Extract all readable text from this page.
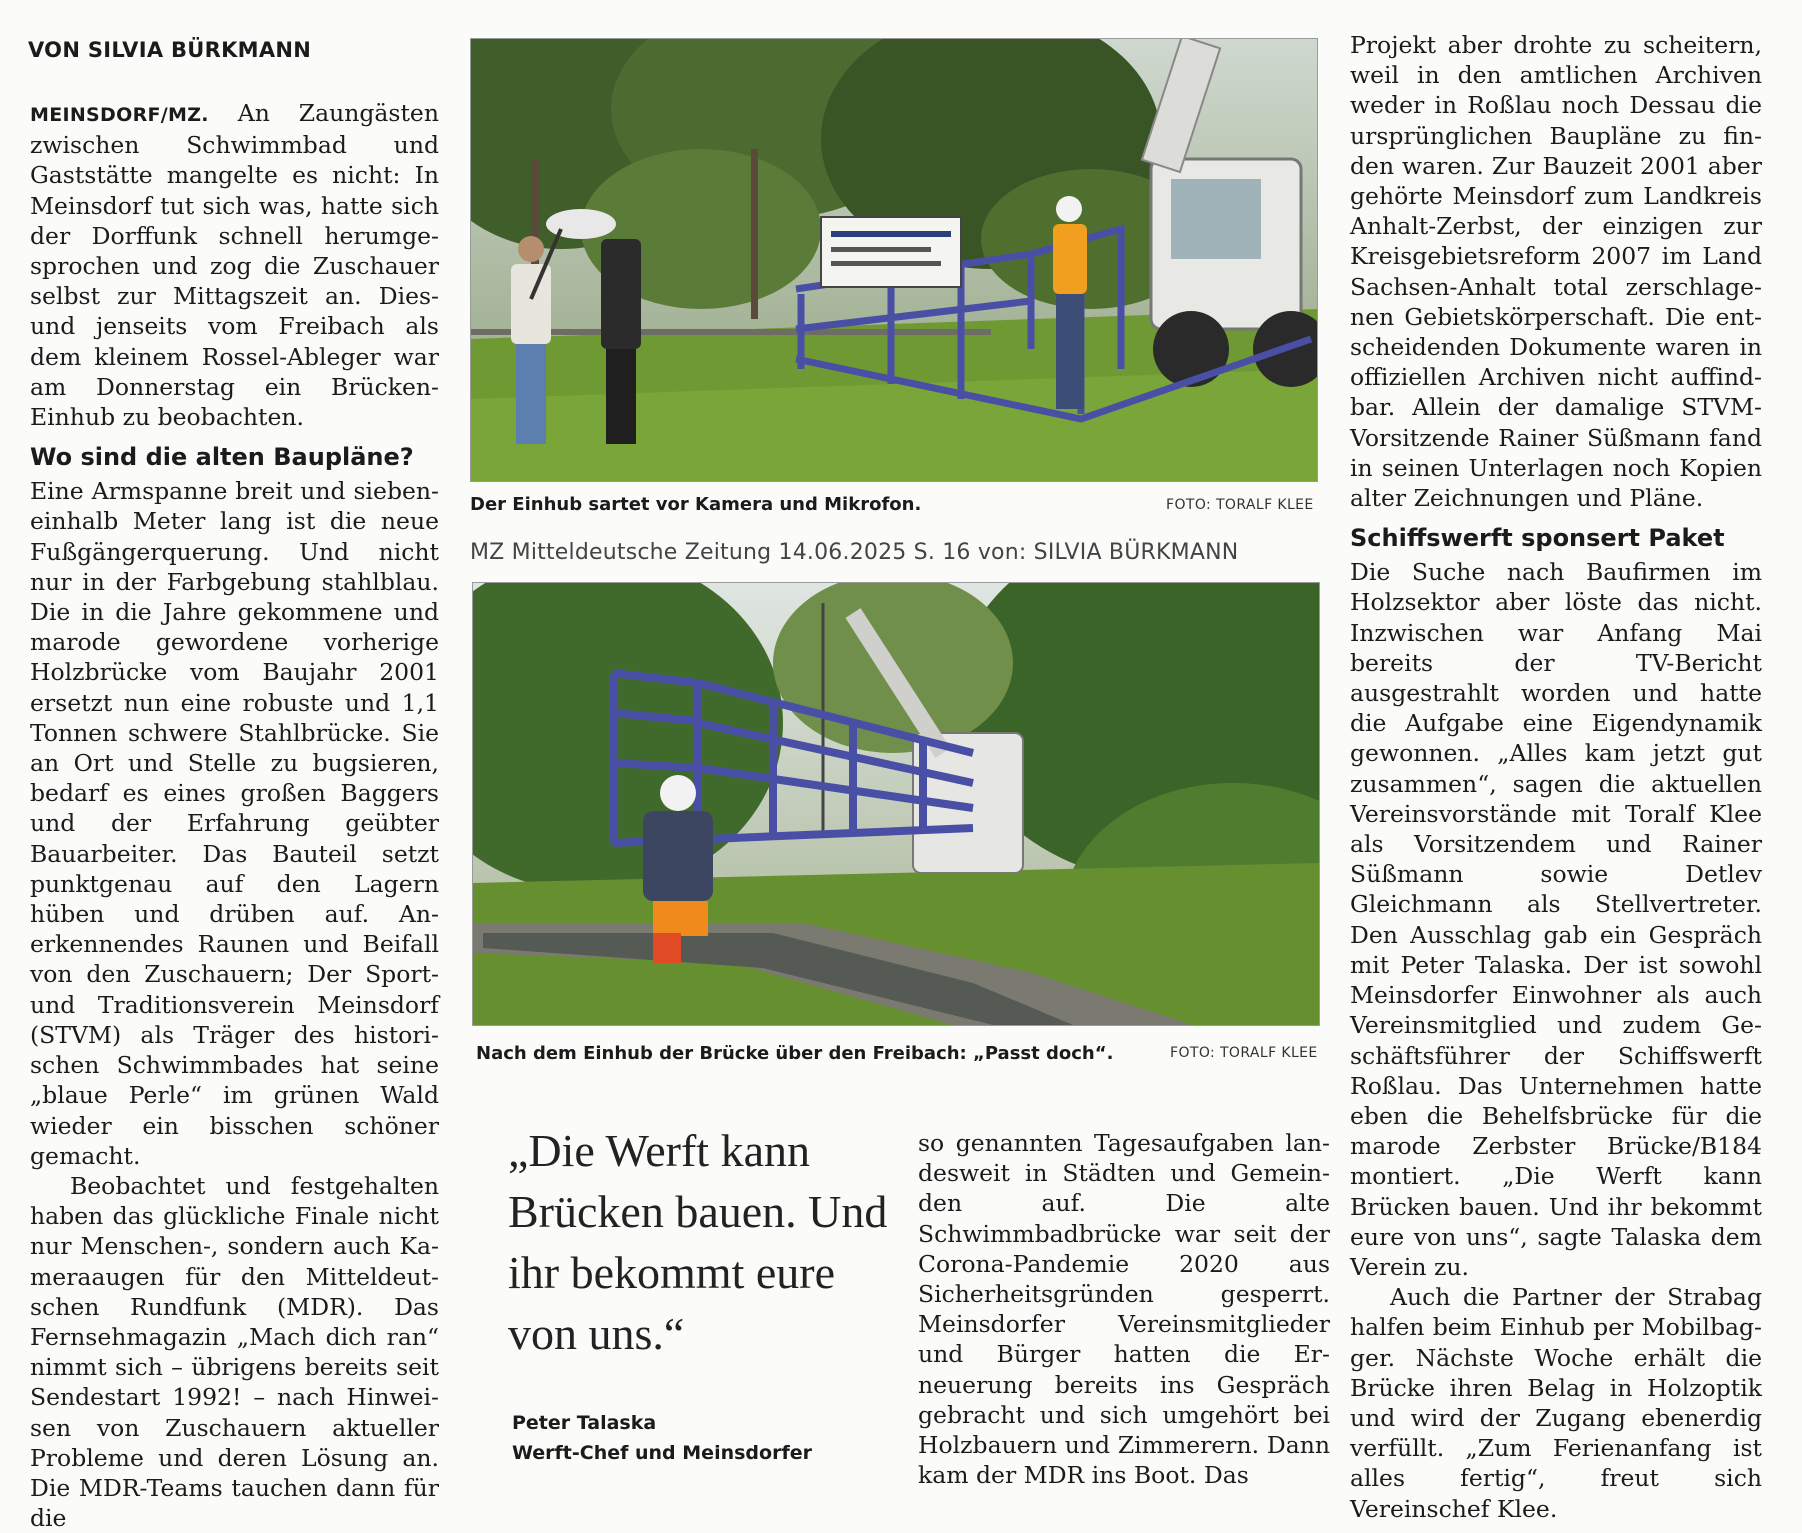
VON SILVIA BÜRKMANN

MEINSDORF/MZ. An Zaungästen zwischen Schwimmbad und Gaststätte mangelte es nicht: In Meinsdorf tut sich was, hatte sich der Dorffunk schnell herumgesprochen und zog die Zuschauer selbst zur Mittagszeit an. Dies- und jenseits vom Freibach als dem kleinem Rossel-Ableger war am Donnerstag ein Brücken-Einhub zu beobachten.

Wo sind die alten Baupläne?

Eine Armspanne breit und siebeneinhalb Meter lang ist die neue Fußgängerquerung. Und nicht nur in der Farbgebung stahlblau. Die in die Jahre gekommene und marode gewordene vorherige Holzbrücke vom Baujahr 2001 ersetzt nun eine robuste und 1,1 Tonnen schwere Stahlbrücke. Sie an Ort und Stelle zu bugsieren, bedarf es eines großen Baggers und der Erfahrung geübter Bauarbeiter. Das Bauteil setzt punktgenau auf den Lagern hüben und drüben auf. Anerkennendes Raunen und Beifall von den Zuschauern; Der Sport- und Traditionsverein Meinsdorf (STVM) als Träger des historischen Schwimmbades hat seine „blaue Perle“ im grünen Wald wieder ein bisschen schöner gemacht.

Beobachtet und festgehalten haben das glückliche Finale nicht nur Menschen-, sondern auch Kameraaugen für den Mitteldeutschen Rundfunk (MDR). Das Fernsehmagazin „Mach dich ran“ nimmt sich – übrigens bereits seit Sendestart 1992! – nach Hinweisen von Zuschauern aktueller Probleme und deren Lösung an. Die MDR-Teams tauchen dann für die

Der Einhub sartet vor Kamera und Mikrofon.	FOTO: TORALF KLEE
MZ Mitteldeutsche Zeitung 14.06.2025 S. 16 von: SILVIA BÜRKMANN
Nach dem Einhub der Brücke über den Freibach: „Passt doch“.	FOTO: TORALF KLEE
„Die Werft kann Brücken bauen. Und ihr bekommt eure von uns.“
Peter Talaska
Werft-Chef und Meinsdorfer

so genannten Tagesaufgaben landesweit in Städten und Gemeinden auf. Die alte Schwimmbadbrücke war seit der Corona-Pandemie 2020 aus Sicherheitsgründen gesperrt. Meinsdorfer Vereinsmitglieder und Bürger hatten die Erneuerung bereits ins Gespräch gebracht und sich umgehört bei Holzbauern und Zimmerern. Dann kam der MDR ins Boot. Das

Projekt aber drohte zu scheitern, weil in den amtlichen Archiven weder in Roßlau noch Dessau die ursprünglichen Baupläne zu finden waren. Zur Bauzeit 2001 aber gehörte Meinsdorf zum Landkreis Anhalt-Zerbst, der einzigen zur Kreisgebietsreform 2007 im Land Sachsen-Anhalt total zerschlagenen Gebietskörperschaft. Die entscheidenden Dokumente waren in offiziellen Archiven nicht auffindbar. Allein der damalige STVM-Vorsitzende Rainer Süßmann fand in seinen Unterlagen noch Kopien alter Zeichnungen und Pläne.

Schiffswerft sponsert Paket

Die Suche nach Baufirmen im Holzsektor aber löste das nicht. Inzwischen war Anfang Mai bereits der TV-Bericht ausgestrahlt worden und hatte die Aufgabe eine Eigendynamik gewonnen. „Alles kam jetzt gut zusammen“, sagen die aktuellen Vereinsvorstände mit Toralf Klee als Vorsitzendem und Rainer Süßmann sowie Detlev Gleichmann als Stellvertreter. Den Ausschlag gab ein Gespräch mit Peter Talaska. Der ist sowohl Meinsdorfer Einwohner als auch Vereinsmitglied und zudem Geschäftsführer der Schiffswerft Roßlau. Das Unternehmen hatte eben die Behelfsbrücke für die marode Zerbster Brücke/B184 montiert. „Die Werft kann Brücken bauen. Und ihr bekommt eure von uns“, sagte Talaska dem Verein zu.

Auch die Partner der Strabag halfen beim Einhub per Mobilbagger. Nächste Woche erhält die Brücke ihren Belag in Holzoptik und wird der Zugang ebenerdig verfüllt. „Zum Ferienanfang ist alles fertig“, freut sich Vereinschef Klee.
